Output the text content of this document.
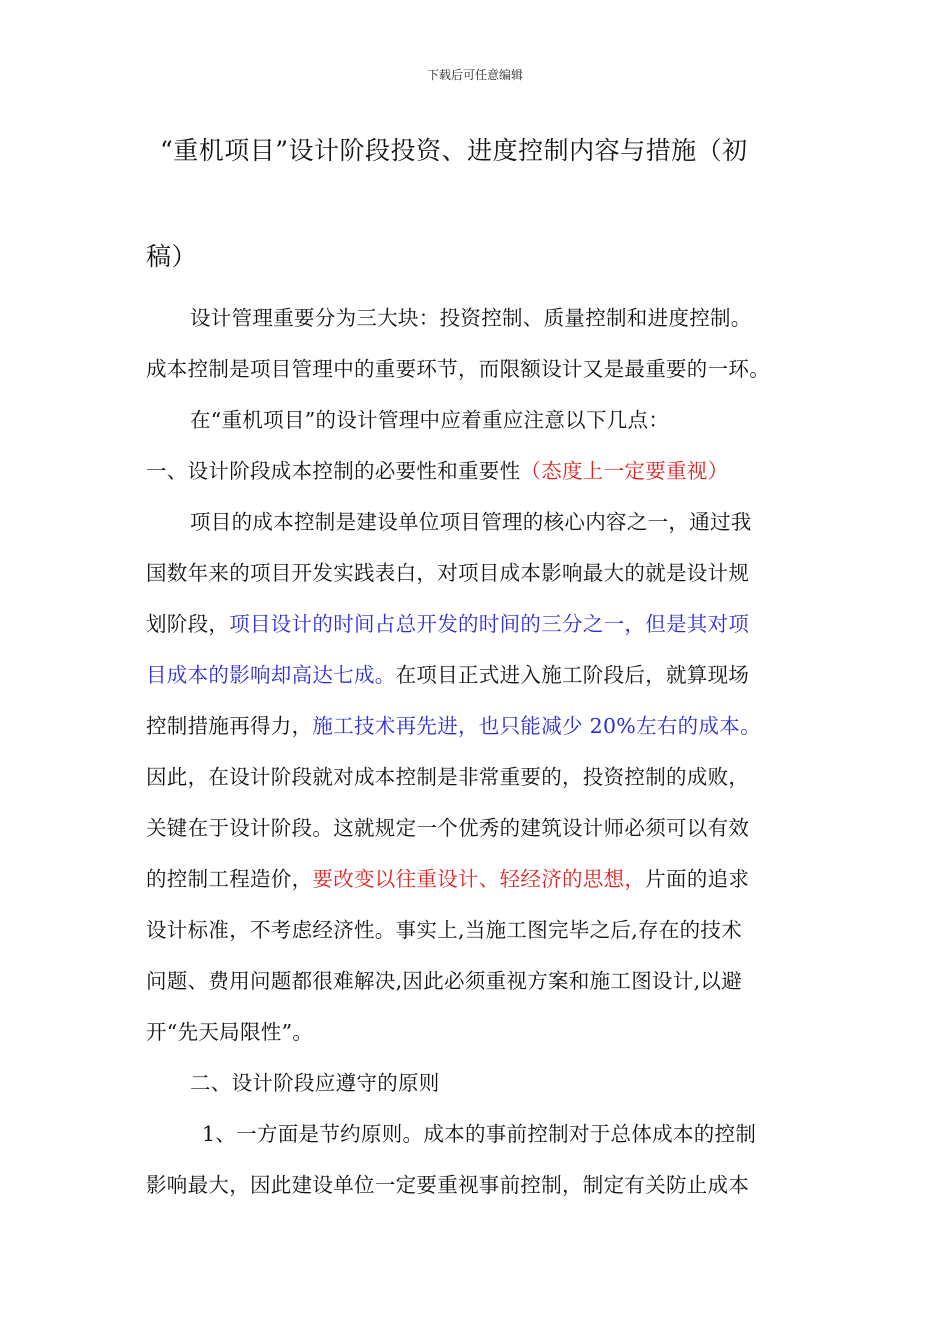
下载后可任意编辑
“重机项目”设计阶段投资、进度控制内容与措施（初
稿）
设计管理重要分为三大块：投资控制、质量控制和进度控制。
成本控制是项目管理中的重要环节，而限额设计又是最重要的一环。
在“重机项目”的设计管理中应着重应注意以下几点：
一、设计阶段成本控制的必要性和重要性（态度上一定要重视）
项目的成本控制是建设单位项目管理的核心内容之一，通过我
国数年来的项目开发实践表白，对项目成本影响最大的就是设计规
划阶段，项目设计的时间占总开发的时间的三分之一，但是其对项
目成本的影响却高达七成。在项目正式进入施工阶段后，就算现场
控制措施再得力，施工技术再先进，也只能减少 20%左右的成本。
因此，在设计阶段就对成本控制是非常重要的，投资控制的成败，
关键在于设计阶段。这就规定一个优秀的建筑设计师必须可以有效
的控制工程造价，要改变以往重设计、轻经济的思想，片面的追求
设计标准，不考虑经济性。事实上,当施工图完毕之后,存在的技术
问题、费用问题都很难解决,因此必须重视方案和施工图设计,以避
开“先天局限性”。
二、设计阶段应遵守的原则
1、一方面是节约原则。成本的事前控制对于总体成本的控制
影响最大，因此建设单位一定要重视事前控制，制定有关防止成本
